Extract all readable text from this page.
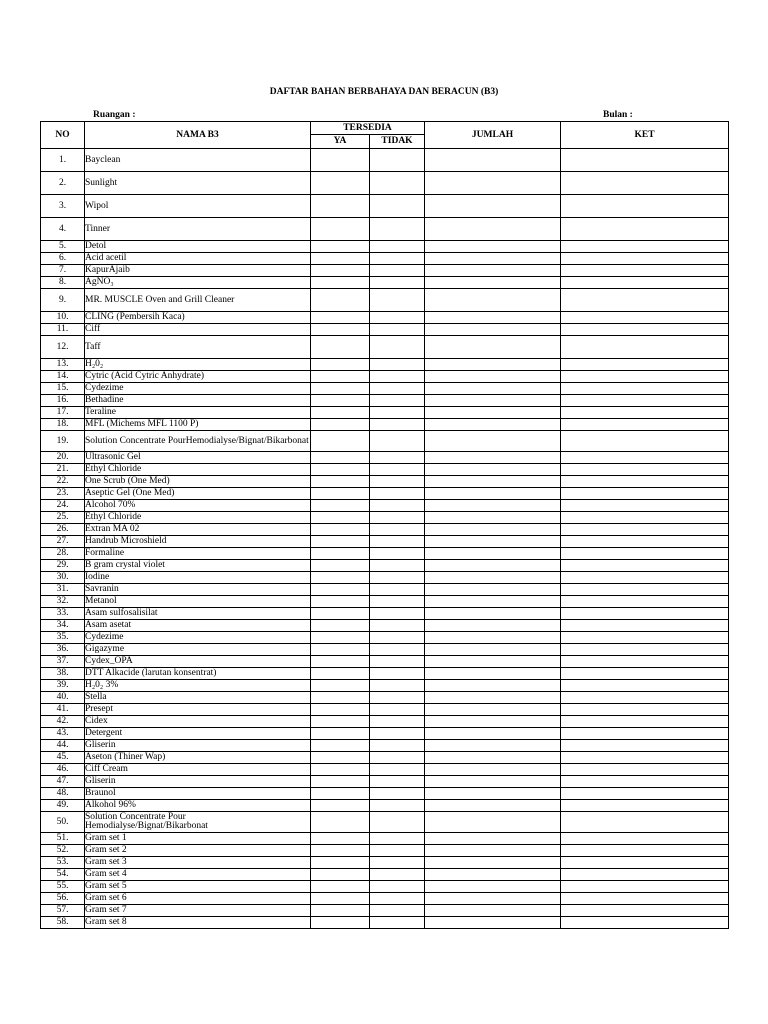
DAFTAR BAHAN BERBAHAYA DAN BERACUN (B3)
Ruangan :	Bulan :
NO	NAMA B3	TERSEDIA		JUMLAH	KET
		YA	TIDAK		
1.	Bayclean				
2.	Sunlight				
3.	Wipol				
4.	Tinner				
5.	Detol				
6.	Acid acetil				
7.	KapurAjaib				
8.	AgNO₃				
9.	MR. MUSCLE Oven and Grill Cleaner				
10.	CLING (Pembersih Kaca)				
11.	Ciff				
12.	Taff				
13.	H₂0₂				
14.	Cytric (Acid Cytric Anhydrate)				
15.	Cydezime				
16.	Bethadine				
17.	Teraline				
18.	MFL (Michems MFL 1100 P)				
19.	Solution Concentrate PourHemodialyse/Bignat/Bikarbonat				
20.	Ultrasonic Gel				
21.	Ethyl Chloride				
22.	One Scrub (One Med)				
23.	Aseptic Gel (One Med)				
24.	Alcohol 70%				
25.	Ethyl Chloride				
26.	Extran MA 02				
27.	Handrub Microshield				
28.	Formaline				
29.	B gram crystal violet				
30.	Iodine				
31.	Savranin				
32.	Metanol				
33.	Asam sulfosalisilat				
34.	Asam asetat				
35.	Cydezime				
36.	Gigazyme				
37.	Cydex_OPA				
38.	DTT Alkacide (larutan konsentrat)				
39.	H₂0₂ 3%				
40.	Stella				
41.	Presept				
42.	Cidex				
43.	Detergent				
44.	Gliserin				
45.	Aseton (Thiner Wap)				
46.	Ciff Cream				
47.	Gliserin				
48.	Braunol				
49.	Alkohol 96%				
50.	Solution Concentrate Pour Hemodialyse/Bignat/Bikarbonat				
51.	Gram set 1				
52.	Gram set 2				
53.	Gram set 3				
54.	Gram set 4				
55.	Gram set 5				
56.	Gram set 6				
57.	Gram set 7				
58.	Gram set 8				
